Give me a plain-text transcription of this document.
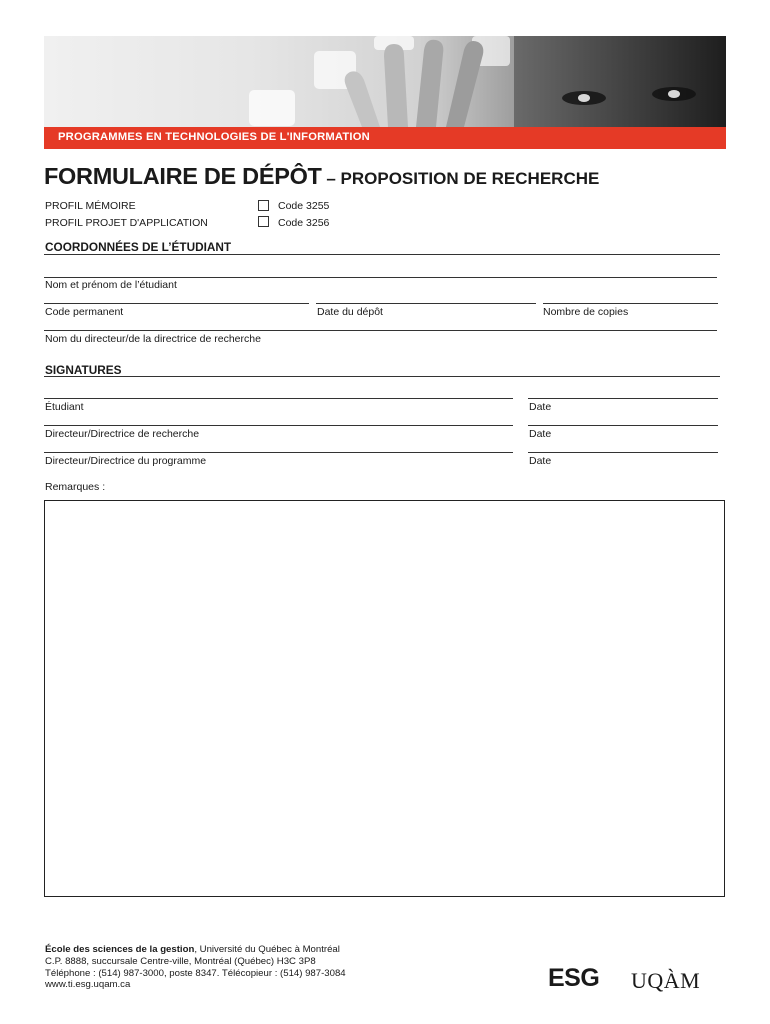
PROGRAMMES EN TECHNOLOGIES DE L'INFORMATION
FORMULAIRE DE DÉPÔT – PROPOSITION DE RECHERCHE
PROFIL MÉMOIRE	Code 3255
PROFIL PROJET D'APPLICATION	Code 3256
COORDONNÉES DE L’ÉTUDIANT
Nom et prénom de l’étudiant
Code permanent	Date du dépôt	Nombre de copies
Nom du directeur/de la directrice de recherche
SIGNATURES
Étudiant	Date
Directeur/Directrice de recherche	Date
Directeur/Directrice du programme	Date
Remarques :
École des sciences de la gestion, Université du Québec à Montréal
C.P. 8888, succursale Centre-ville, Montréal (Québec) H3C 3P8
Téléphone : (514) 987-3000, poste 8347. Télécopieur : (514) 987-3084
www.ti.esg.uqam.ca	ESG UQÀM
